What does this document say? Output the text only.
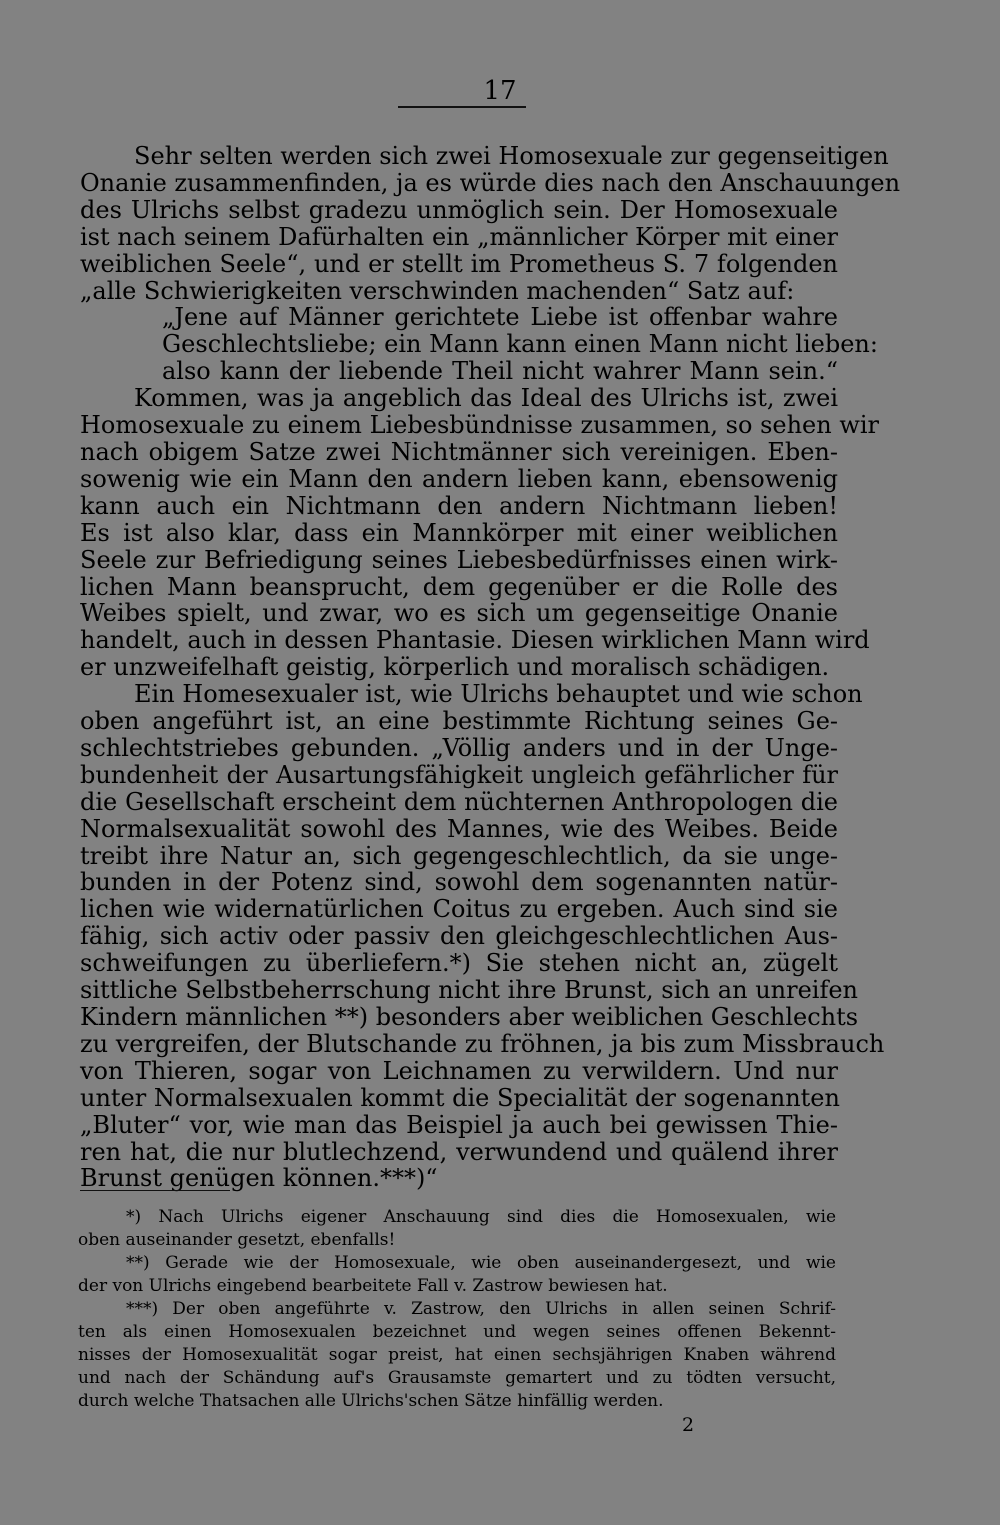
17
Sehr selten werden sich zwei Homosexuale zur gegenseitigen
Onanie zusammenfinden, ja es würde dies nach den Anschauungen
des Ulrichs selbst gradezu unmöglich sein. Der Homosexuale
ist nach seinem Dafürhalten ein „männlicher Körper mit einer
weiblichen Seele“, und er stellt im Prometheus S. 7 folgenden
„alle Schwierigkeiten verschwinden machenden“ Satz auf:
„Jene auf Männer gerichtete Liebe ist offenbar wahre
Geschlechtsliebe; ein Mann kann einen Mann nicht lieben:
also kann der liebende Theil nicht wahrer Mann sein.“
Kommen, was ja angeblich das Ideal des Ulrichs ist, zwei
Homosexuale zu einem Liebesbündnisse zusammen, so sehen wir
nach obigem Satze zwei Nichtmänner sich vereinigen. Eben-
sowenig wie ein Mann den andern lieben kann, ebensowenig
kann auch ein Nichtmann den andern Nichtmann lieben!
Es ist also klar, dass ein Mannkörper mit einer weiblichen
Seele zur Befriedigung seines Liebesbedürfnisses einen wirk-
lichen Mann beansprucht, dem gegenüber er die Rolle des
Weibes spielt, und zwar, wo es sich um gegenseitige Onanie
handelt, auch in dessen Phantasie. Diesen wirklichen Mann wird
er unzweifelhaft geistig, körperlich und moralisch schädigen.
Ein Homesexualer ist, wie Ulrichs behauptet und wie schon
oben angeführt ist, an eine bestimmte Richtung seines Ge-
schlechtstriebes gebunden. „Völlig anders und in der Unge-
bundenheit der Ausartungsfähigkeit ungleich gefährlicher für
die Gesellschaft erscheint dem nüchternen Anthropologen die
Normalsexualität sowohl des Mannes, wie des Weibes. Beide
treibt ihre Natur an, sich gegengeschlechtlich, da sie unge-
bunden in der Potenz sind, sowohl dem sogenannten natür-
lichen wie widernatürlichen Coitus zu ergeben. Auch sind sie
fähig, sich activ oder passiv den gleichgeschlechtlichen Aus-
schweifungen zu überliefern.*) Sie stehen nicht an, zügelt
sittliche Selbstbeherrschung nicht ihre Brunst, sich an unreifen
Kindern männlichen **) besonders aber weiblichen Geschlechts
zu vergreifen, der Blutschande zu fröhnen, ja bis zum Missbrauch
von Thieren, sogar von Leichnamen zu verwildern. Und nur
unter Normalsexualen kommt die Specialität der sogenannten
„Bluter“ vor, wie man das Beispiel ja auch bei gewissen Thie-
ren hat, die nur blutlechzend, verwundend und quälend ihrer
Brunst genügen können.***)“
*) Nach Ulrichs eigener Anschauung sind dies die Homosexualen, wie
oben auseinander gesetzt, ebenfalls!
**) Gerade wie der Homosexuale, wie oben auseinandergesezt, und wie
der von Ulrichs eingebend bearbeitete Fall v. Zastrow bewiesen hat.
***) Der oben angeführte v. Zastrow, den Ulrichs in allen seinen Schrif-
ten als einen Homosexualen bezeichnet und wegen seines offenen Bekennt-
nisses der Homosexualität sogar preist, hat einen sechsjährigen Knaben während
und nach der Schändung auf's Grausamste gemartert und zu tödten versucht,
durch welche Thatsachen alle Ulrichs'schen Sätze hinfällig werden.
2
